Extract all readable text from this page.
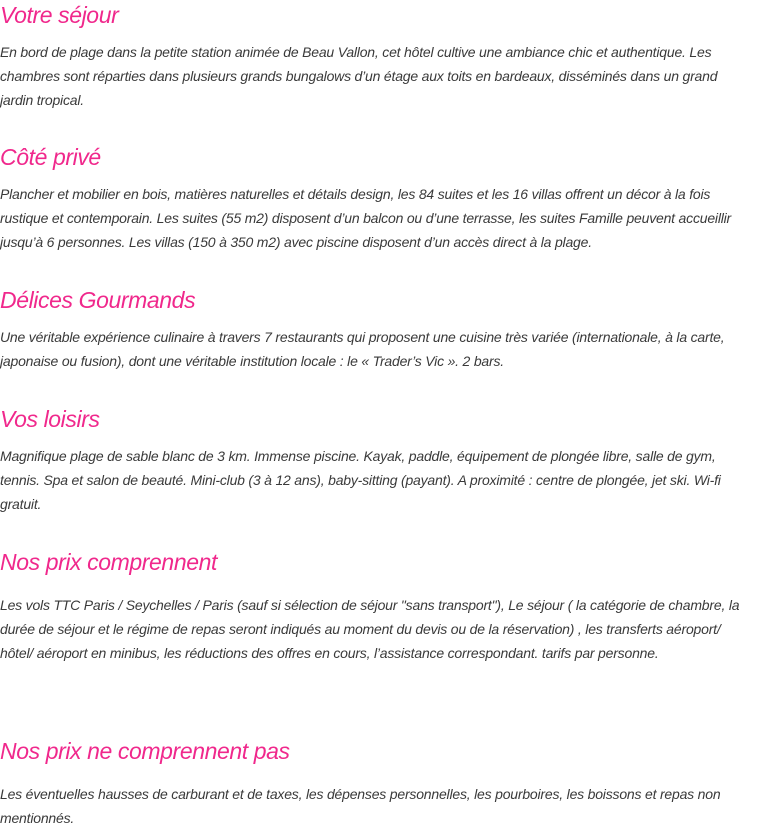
Votre séjour

En bord de plage dans la petite station animée de Beau Vallon, cet hôtel cultive une ambiance chic et authentique. Les chambres sont réparties dans plusieurs grands bungalows d’un étage aux toits en bardeaux, disséminés dans un grand jardin tropical.

Côté privé

Plancher et mobilier en bois, matières naturelles et détails design, les 84 suites et les 16 villas offrent un décor à la fois rustique et contemporain. Les suites (55 m2) disposent d’un balcon ou d’une terrasse, les suites Famille peuvent accueillir jusqu’à 6 personnes. Les villas (150 à 350 m2) avec piscine disposent d’un accès direct à la plage.

Délices Gourmands

Une véritable expérience culinaire à travers 7 restaurants qui proposent une cuisine très variée (internationale, à la carte, japonaise ou fusion), dont une véritable institution locale : le « Trader’s Vic ». 2 bars.

Vos loisirs

Magnifique plage de sable blanc de 3 km. Immense piscine. Kayak, paddle, équipement de plongée libre, salle de gym, tennis. Spa et salon de beauté. Mini-club (3 à 12 ans), baby-sitting (payant). A proximité : centre de plongée, jet ski. Wi-fi gratuit.

Nos prix comprennent

Les vols TTC Paris / Seychelles / Paris (sauf si sélection de séjour "sans transport"), Le séjour ( la catégorie de chambre, la durée de séjour et le régime de repas seront indiqués au moment du devis ou de la réservation) , les transferts aéroport/ hôtel/ aéroport en minibus, les réductions des offres en cours, l’assistance correspondant. tarifs par personne.

Nos prix ne comprennent pas

Les éventuelles hausses de carburant et de taxes, les dépenses personnelles, les pourboires, les boissons et repas non mentionnés.
